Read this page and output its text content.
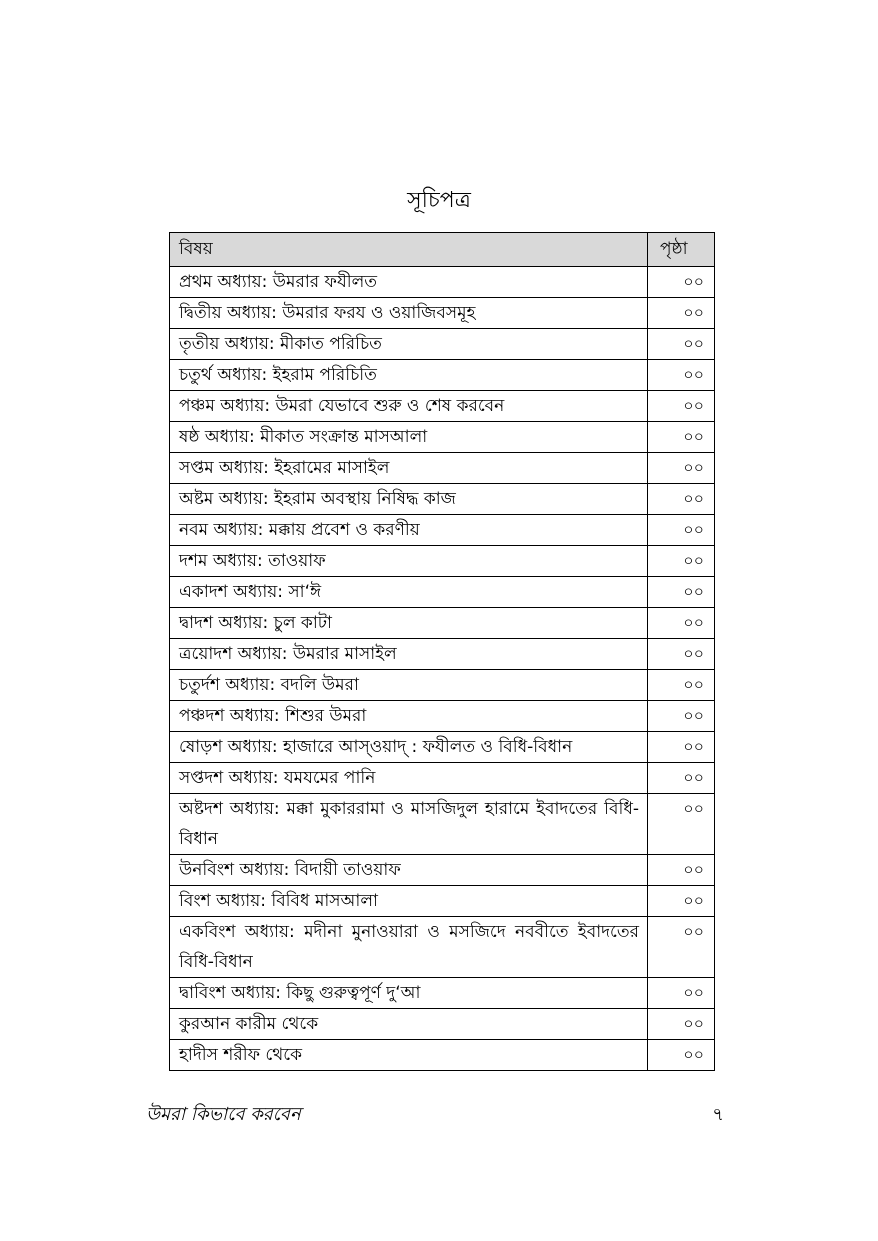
সূচিপত্র
বিষয়	পৃষ্ঠা
প্রথম অধ্যায়: উমরার ফযীলত	০০
দ্বিতীয় অধ্যায়: উমরার ফরয ও ওয়াজিবসমূহ	০০
তৃতীয় অধ্যায়: মীকাত পরিচিত	০০
চতুর্থ অধ্যায়: ইহরাম পরিচিতি	০০
পঞ্চম অধ্যায়: উমরা যেভাবে শুরু ও শেষ করবেন	০০
ষষ্ঠ অধ্যায়: মীকাত সংক্রান্ত মাসআলা	০০
সপ্তম অধ্যায়: ইহরামের মাসাইল	০০
অষ্টম অধ্যায়: ইহরাম অবস্থায় নিষিদ্ধ কাজ	০০
নবম অধ্যায়: মক্কায় প্রবেশ ও করণীয়	০০
দশম অধ্যায়: তাওয়াফ	০০
একাদশ অধ্যায়: সা‘ঈ	০০
দ্বাদশ অধ্যায়: চুল কাটা	০০
ত্রয়োদশ অধ্যায়: উমরার মাসাইল	০০
চতুর্দশ অধ্যায়: বদলি উমরা	০০
পঞ্চদশ অধ্যায়: শিশুর উমরা	০০
ষোড়শ অধ্যায়: হাজারে আস্ওয়াদ্ : ফযীলত ও বিধি-বিধান	০০
সপ্তদশ অধ্যায়: যমযমের পানি	০০
অষ্টদশ অধ্যায়: মক্কা মুকাররামা ও মাসজিদুল হারামে ইবাদতের বিধি-বিধান	০০
উনবিংশ অধ্যায়: বিদায়ী তাওয়াফ	০০
বিংশ অধ্যায়: বিবিধ মাসআলা	০০
একবিংশ অধ্যায়: মদীনা মুনাওয়ারা ও মসজিদে নববীতে ইবাদতের বিধি-বিধান	০০
দ্বাবিংশ অধ্যায়: কিছু গুরুত্বপূর্ণ দু‘আ	০০
কুরআন কারীম থেকে	০০
হাদীস শরীফ থেকে	০০
উমরা কিভাবে করবেন	৭
